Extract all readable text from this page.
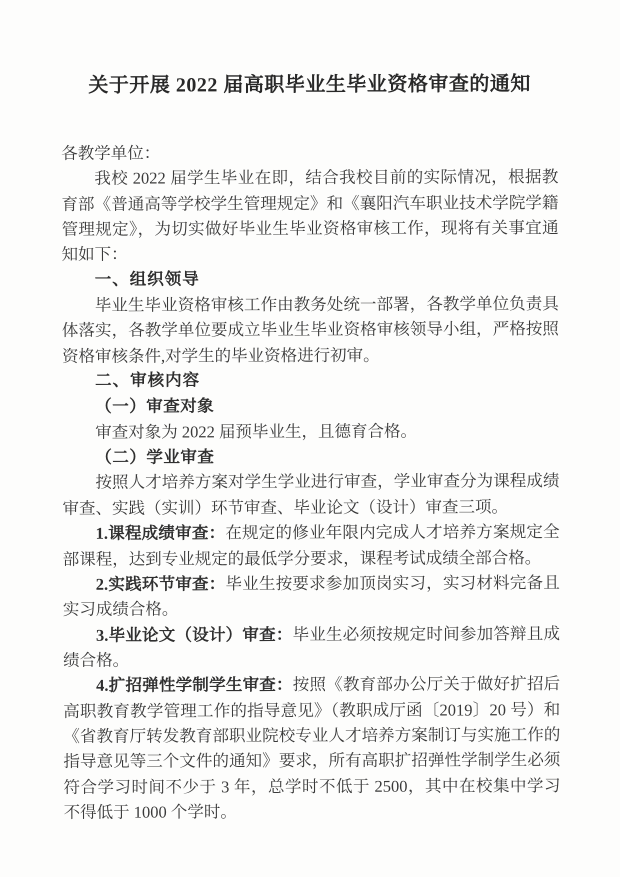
关于开展 2022 届高职毕业生毕业资格审查的通知

各教学单位：

我校 2022 届学生毕业在即，结合我校目前的实际情况，根据教育部《普通高等学校学生管理规定》和《襄阳汽车职业技术学院学籍管理规定》，为切实做好毕业生毕业资格审核工作，现将有关事宜通知如下：

一、组织领导

毕业生毕业资格审核工作由教务处统一部署，各教学单位负责具体落实，各教学单位要成立毕业生毕业资格审核领导小组，严格按照资格审核条件,对学生的毕业资格进行初审。

二、审核内容

（一）审查对象

审查对象为 2022 届预毕业生，且德育合格。

（二）学业审查

按照人才培养方案对学生学业进行审查，学业审查分为课程成绩审查、实践（实训）环节审查、毕业论文（设计）审查三项。

1.课程成绩审查：在规定的修业年限内完成人才培养方案规定全部课程，达到专业规定的最低学分要求，课程考试成绩全部合格。

2.实践环节审查：毕业生按要求参加顶岗实习，实习材料完备且实习成绩合格。

3.毕业论文（设计）审查：毕业生必须按规定时间参加答辩且成绩合格。

4.扩招弹性学制学生审查：按照《教育部办公厅关于做好扩招后高职教育教学管理工作的指导意见》（教职成厅函〔2019〕20 号）和《省教育厅转发教育部职业院校专业人才培养方案制订与实施工作的指导意见等三个文件的通知》要求，所有高职扩招弹性学制学生必须符合学习时间不少于 3 年，总学时不低于 2500，其中在校集中学习不得低于 1000 个学时。
